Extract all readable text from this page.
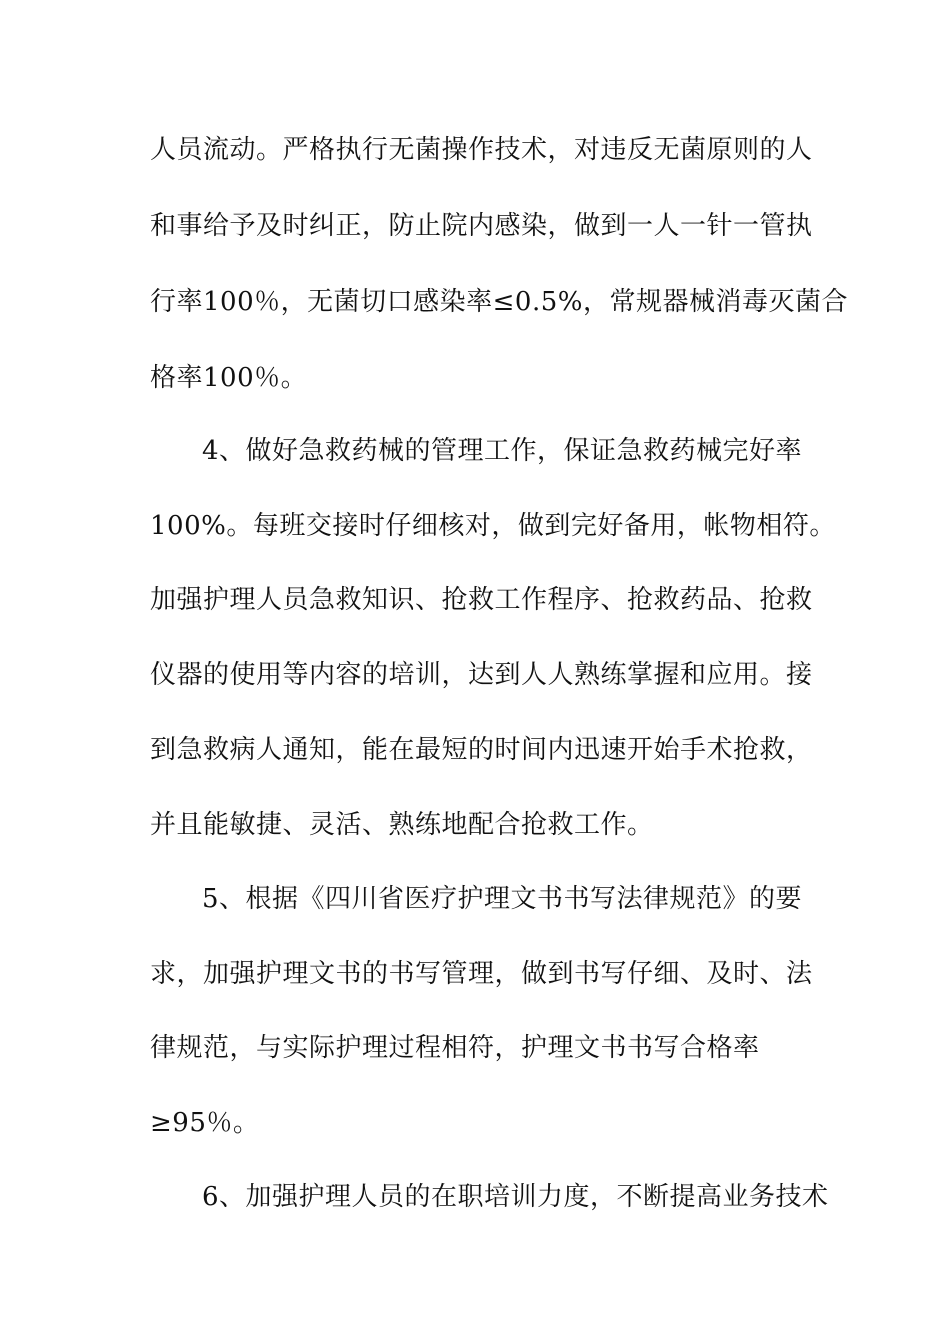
人员流动。严格执行无菌操作技术，对违反无菌原则的人
和事给予及时纠正，防止院内感染，做到一人一针一管执
行率100％，无菌切口感染率≤0.5%，常规器械消毒灭菌合
格率100％。
4、做好急救药械的管理工作，保证急救药械完好率
100%。每班交接时仔细核对，做到完好备用，帐物相符。
加强护理人员急救知识、抢救工作程序、抢救药品、抢救
仪器的使用等内容的培训，达到人人熟练掌握和应用。接
到急救病人通知，能在最短的时间内迅速开始手术抢救，
并且能敏捷、灵活、熟练地配合抢救工作。
5、根据《四川省医疗护理文书书写法律规范》的要
求，加强护理文书的书写管理，做到书写仔细、及时、法
律规范，与实际护理过程相符，护理文书书写合格率
≥95％。
6、加强护理人员的在职培训力度，不断提高业务技术
